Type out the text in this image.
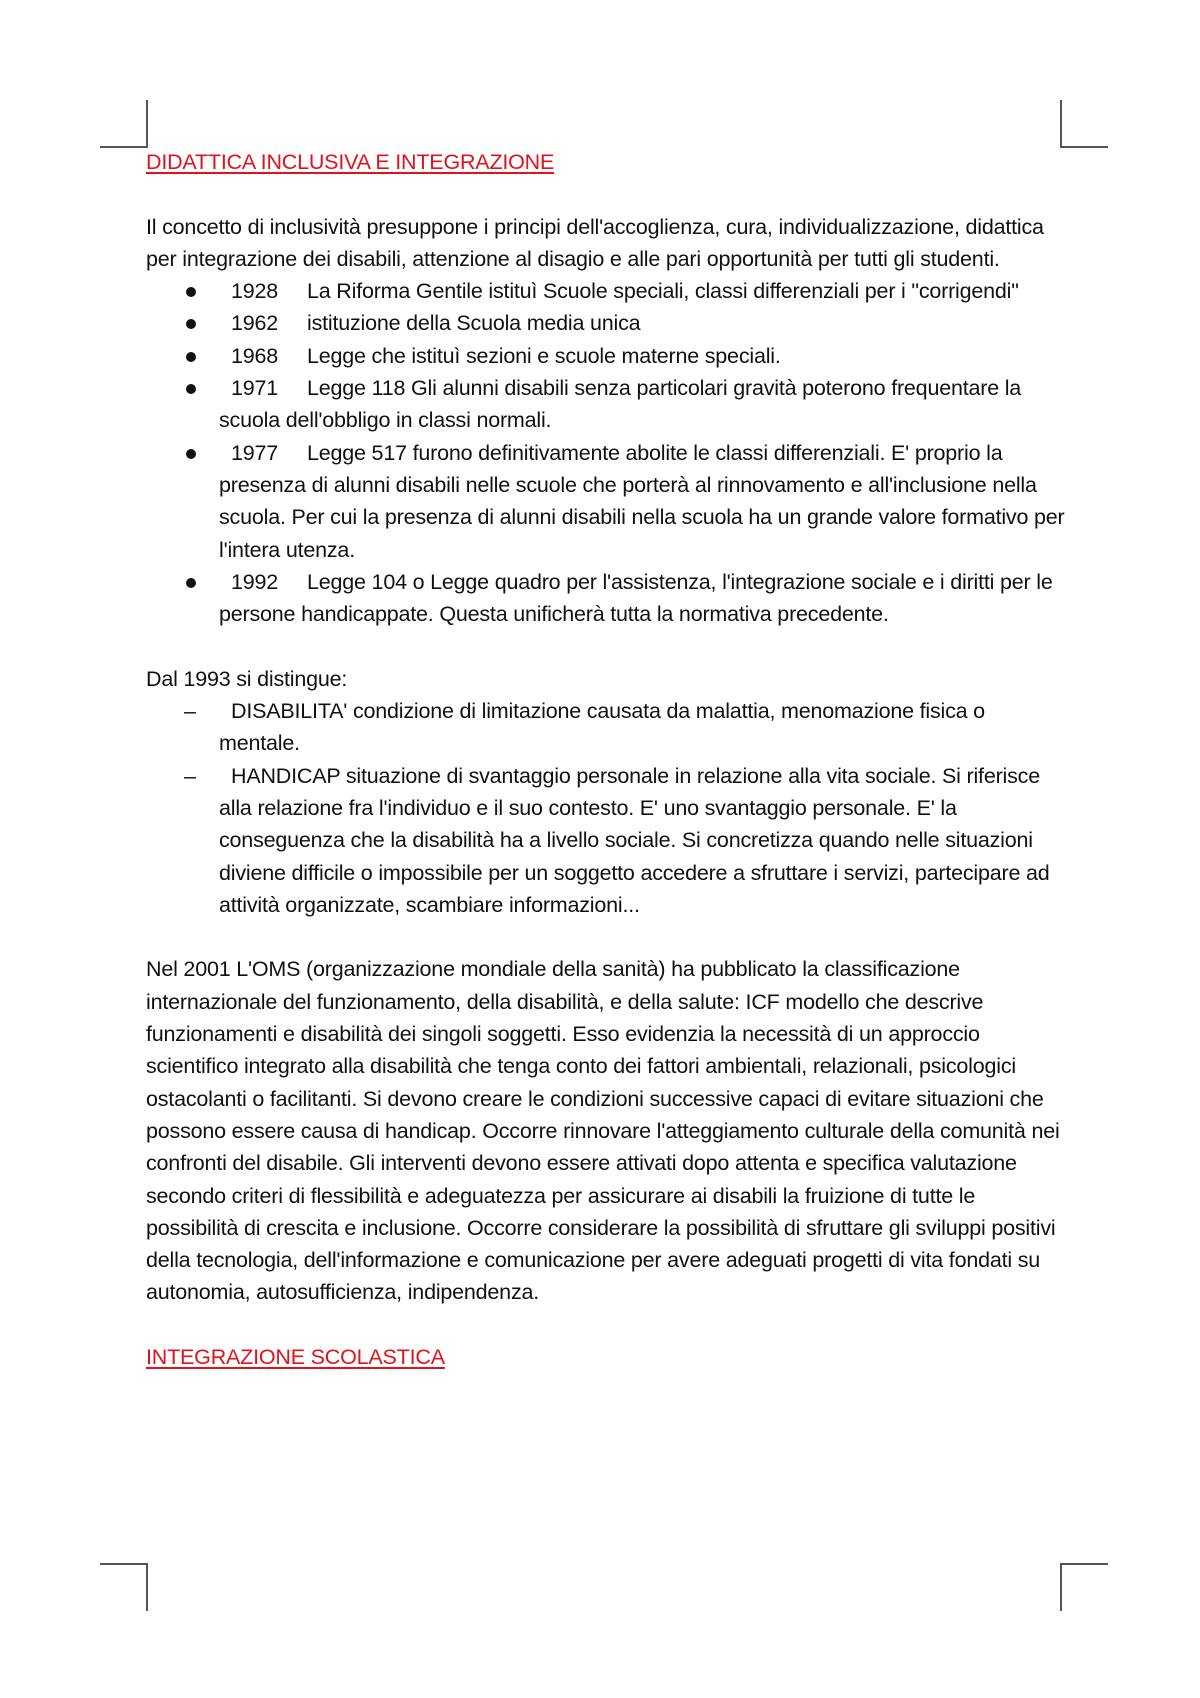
DIDATTICA INCLUSIVA E INTEGRAZIONE

Il concetto di inclusività presuppone i principi dell'accoglienza, cura, individualizzazione, didattica per integrazione dei disabili, attenzione al disagio e alle pari opportunità per tutti gli studenti.

1928 La Riforma Gentile istituì Scuole speciali, classi differenziali per i "corrigendi"
1962 istituzione della Scuola media unica
1968 Legge che istituì sezioni e scuole materne speciali.
1971 Legge 118 Gli alunni disabili senza particolari gravità poterono frequentare la scuola dell'obbligo in classi normali.
1977 Legge 517 furono definitivamente abolite le classi differenziali. E' proprio la presenza di alunni disabili nelle scuole che porterà al rinnovamento e all'inclusione nella scuola. Per cui la presenza di alunni disabili nella scuola ha un grande valore formativo per l'intera utenza.
1992 Legge 104 o Legge quadro per l'assistenza, l'integrazione sociale e i diritti per le persone handicappate. Questa unificherà tutta la normativa precedente.

Dal 1993 si distingue:

– DISABILITA' condizione di limitazione causata da malattia, menomazione fisica o mentale.
– HANDICAP situazione di svantaggio personale in relazione alla vita sociale. Si riferisce alla relazione fra l'individuo e il suo contesto. E' uno svantaggio personale. E' la conseguenza che la disabilità ha a livello sociale. Si concretizza quando nelle situazioni diviene difficile o impossibile per un soggetto accedere a sfruttare i servizi, partecipare ad attività organizzate, scambiare informazioni...

Nel 2001 L'OMS (organizzazione mondiale della sanità) ha pubblicato la classificazione internazionale del funzionamento, della disabilità, e della salute: ICF modello che descrive funzionamenti e disabilità dei singoli soggetti. Esso evidenzia la necessità di un approccio scientifico integrato alla disabilità che tenga conto dei fattori ambientali, relazionali, psicologici ostacolanti o facilitanti. Si devono creare le condizioni successive capaci di evitare situazioni che possono essere causa di handicap. Occorre rinnovare l'atteggiamento culturale della comunità nei confronti del disabile. Gli interventi devono essere attivati dopo attenta e specifica valutazione secondo criteri di flessibilità e adeguatezza per assicurare ai disabili la fruizione di tutte le possibilità di crescita e inclusione. Occorre considerare la possibilità di sfruttare gli sviluppi positivi della tecnologia, dell'informazione e comunicazione per avere adeguati progetti di vita fondati su autonomia, autosufficienza, indipendenza.

INTEGRAZIONE SCOLASTICA
